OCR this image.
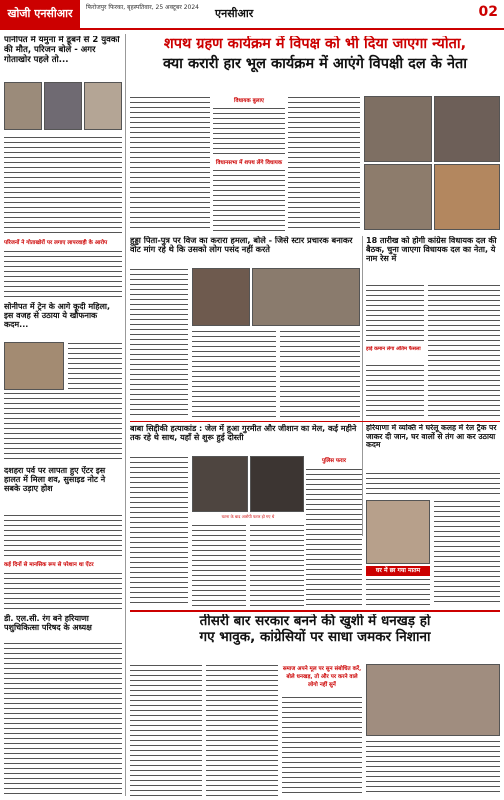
खोजी एनसीआर	फिरोजपुर फिरका, बृहस्पतिवार, 25 अक्टूबर 2024	एनसीआर	02
पानीपत में यमुना में डूबने से 2 युवकों की मौत, परिजन बोले - अगर गोताखोर पहले तो...

परिजनों ने गोताखोरों पर लगाए लापरवाही के आरोप

सोनीपत में ट्रेन के आगे कूदी महिला, इस वजह से उठाया ये खौफनाक कदम...

दशहरा पर्व पर लापता हुए ऐंटर इस हालत में मिला शव, सुसाइड नोट ने सबके उड़ाए होश

कई दिनों से मानसिक रूप से परेशान था ऐंटर

डी. एल.सी. रंग बने हरियाणा पशुचिकित्सा परिषद के अध्यक्ष

शपथ ग्रहण कार्यक्रम में विपक्ष को भी दिया जाएगा न्योता,
क्या करारी हार भूल कार्यक्रम में आएंगे विपक्षी दल के नेता

विधायक बुलाए

विधानसभा में शपथ लेंगे विधायक

हुड्डा पिता-पुत्र पर विज का करारा हमला, बोले - जिसे स्टार प्रचारक बनाकर वोट मांग रहे थे कि उसको लोग पसंद नहीं करते

18 तारीख को होगी कांग्रेस विधायक दल की बैठक, चुना जाएगा विधायक दल का नेता, ये नाम रेस में

हाई कमान लेगा अंतिम फैसला

बाबा सिद्दीकी हत्याकांड : जेल में हुआ गुरमीत और जीशान का मेल, कई महीने तक रहे थे साथ, यहाँ से शुरू हुई दोस्ती

पुलिस फरार

घटना के बाद आरोपी फरार हो गए थे

हरियाणा में व्यक्ति ने घरेलू कलह में रेल ट्रैक पर जाकर दी जान, घर वालों से तंग आ कर उठाया कदम

घर में छा गया मातम

तीसरी बार सरकार बनने की खुशी में धनखड़ हो
गए भावुक, कांग्रेसियों पर साधा जमकर निशाना

समाज अपने मूल पर सुन संबोधित करें, बोले धनखड़, तो और पर करने वाले लोगो नहीं सुनें
